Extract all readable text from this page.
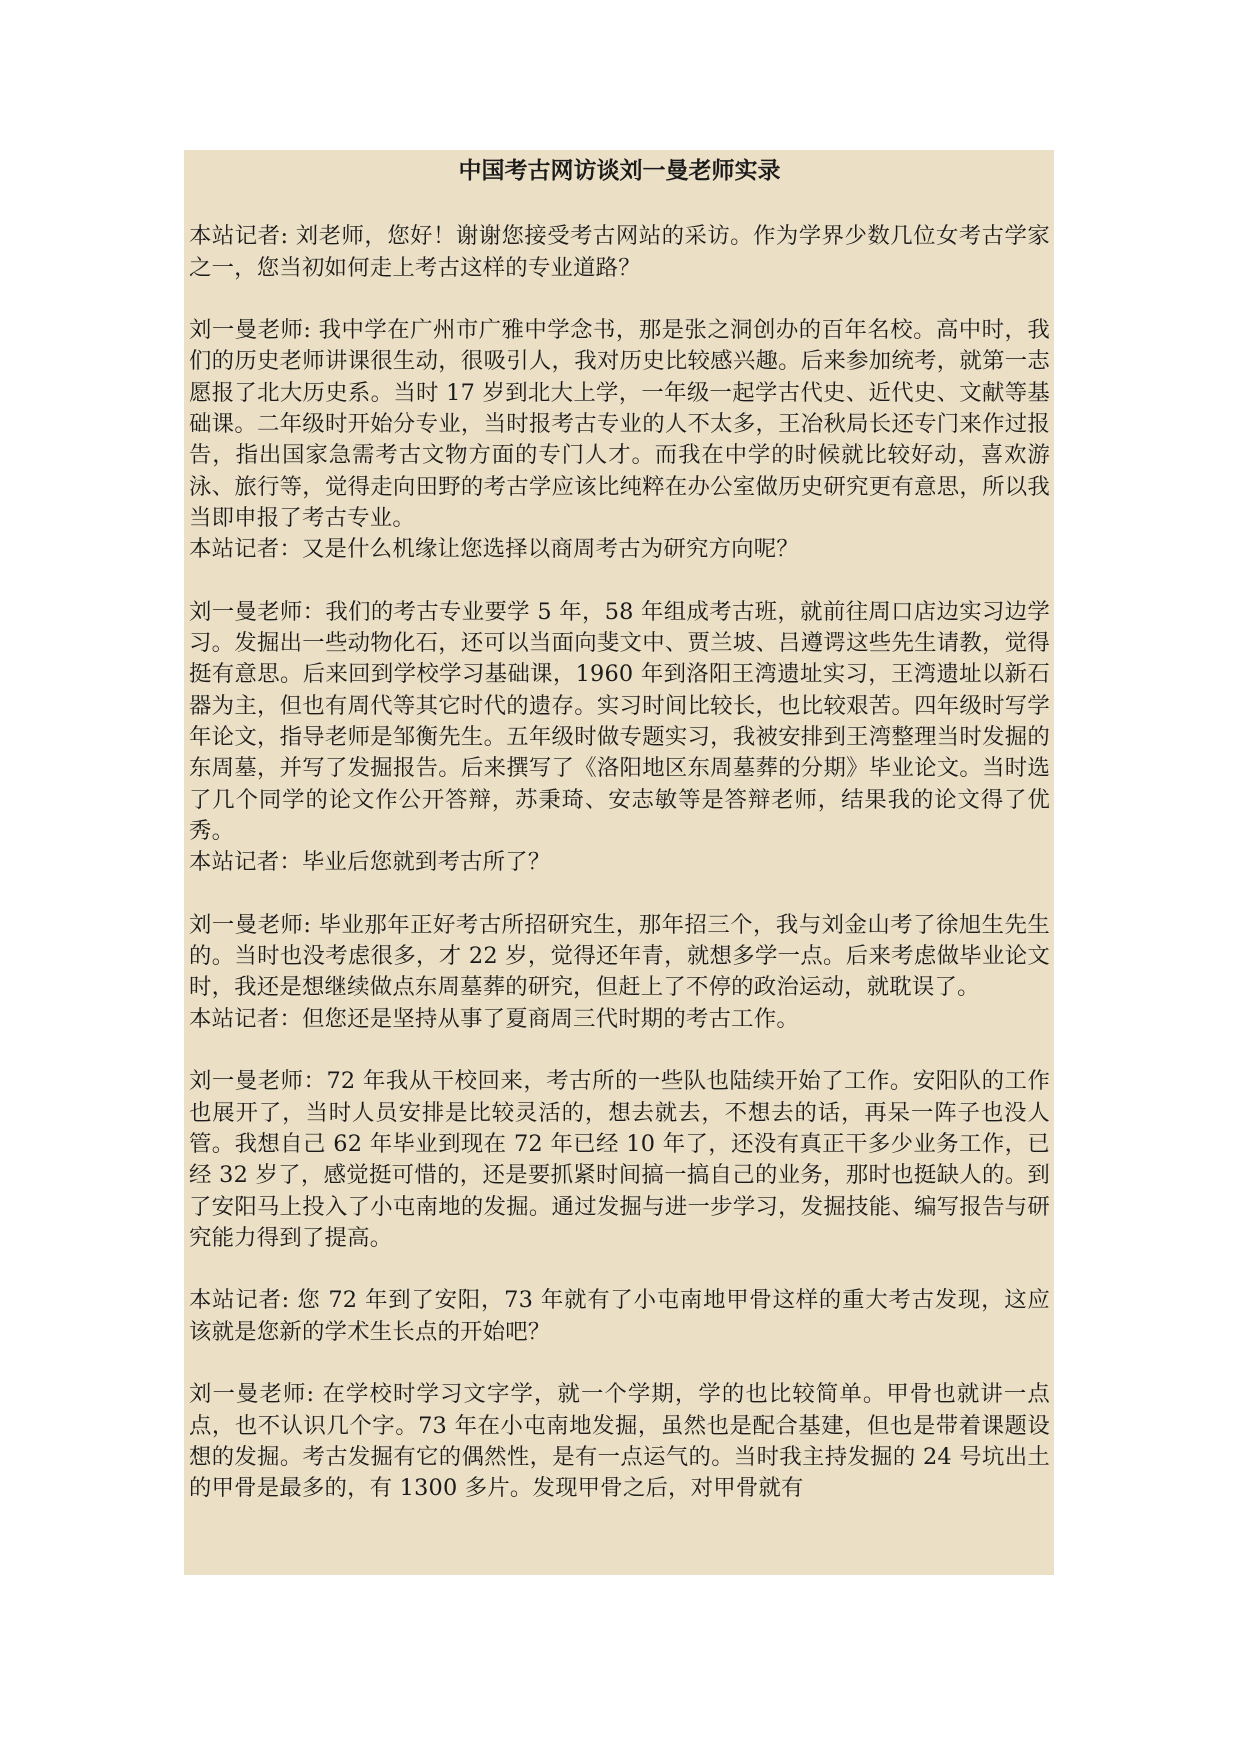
中国考古网访谈刘一曼老师实录

本站记者: 刘老师，您好！谢谢您接受考古网站的采访。作为学界少数几位女考古学家之一，您当初如何走上考古这样的专业道路？

刘一曼老师: 我中学在广州市广雅中学念书，那是张之洞创办的百年名校。高中时，我们的历史老师讲课很生动，很吸引人，我对历史比较感兴趣。后来参加统考，就第一志愿报了北大历史系。当时 17 岁到北大上学，一年级一起学古代史、近代史、文献等基础课。二年级时开始分专业，当时报考古专业的人不太多，王冶秋局长还专门来作过报告，指出国家急需考古文物方面的专门人才。而我在中学的时候就比较好动，喜欢游泳、旅行等，觉得走向田野的考古学应该比纯粹在办公室做历史研究更有意思，所以我当即申报了考古专业。

本站记者：又是什么机缘让您选择以商周考古为研究方向呢？

刘一曼老师：我们的考古专业要学 5 年，58 年组成考古班，就前往周口店边实习边学习。发掘出一些动物化石，还可以当面向斐文中、贾兰坡、吕遵谔这些先生请教，觉得挺有意思。后来回到学校学习基础课，1960 年到洛阳王湾遗址实习，王湾遗址以新石器为主，但也有周代等其它时代的遗存。实习时间比较长，也比较艰苦。四年级时写学年论文，指导老师是邹衡先生。五年级时做专题实习，我被安排到王湾整理当时发掘的东周墓，并写了发掘报告。后来撰写了《洛阳地区东周墓葬的分期》毕业论文。当时选了几个同学的论文作公开答辩，苏秉琦、安志敏等是答辩老师，结果我的论文得了优秀。

本站记者：毕业后您就到考古所了？

刘一曼老师: 毕业那年正好考古所招研究生，那年招三个，我与刘金山考了徐旭生先生的。当时也没考虑很多，才 22 岁，觉得还年青，就想多学一点。后来考虑做毕业论文时，我还是想继续做点东周墓葬的研究，但赶上了不停的政治运动，就耽误了。

本站记者：但您还是坚持从事了夏商周三代时期的考古工作。

刘一曼老师：72 年我从干校回来，考古所的一些队也陆续开始了工作。安阳队的工作也展开了，当时人员安排是比较灵活的，想去就去，不想去的话，再呆一阵子也没人管。我想自己 62 年毕业到现在 72 年已经 10 年了，还没有真正干多少业务工作，已经 32 岁了，感觉挺可惜的，还是要抓紧时间搞一搞自己的业务，那时也挺缺人的。到了安阳马上投入了小屯南地的发掘。通过发掘与进一步学习，发掘技能、编写报告与研究能力得到了提高。

本站记者: 您 72 年到了安阳，73 年就有了小屯南地甲骨这样的重大考古发现，这应该就是您新的学术生长点的开始吧？

刘一曼老师: 在学校时学习文字学，就一个学期，学的也比较简单。甲骨也就讲一点点，也不认识几个字。73 年在小屯南地发掘，虽然也是配合基建，但也是带着课题设想的发掘。考古发掘有它的偶然性，是有一点运气的。当时我主持发掘的 24 号坑出土的甲骨是最多的，有 1300 多片。发现甲骨之后，对甲骨就有
